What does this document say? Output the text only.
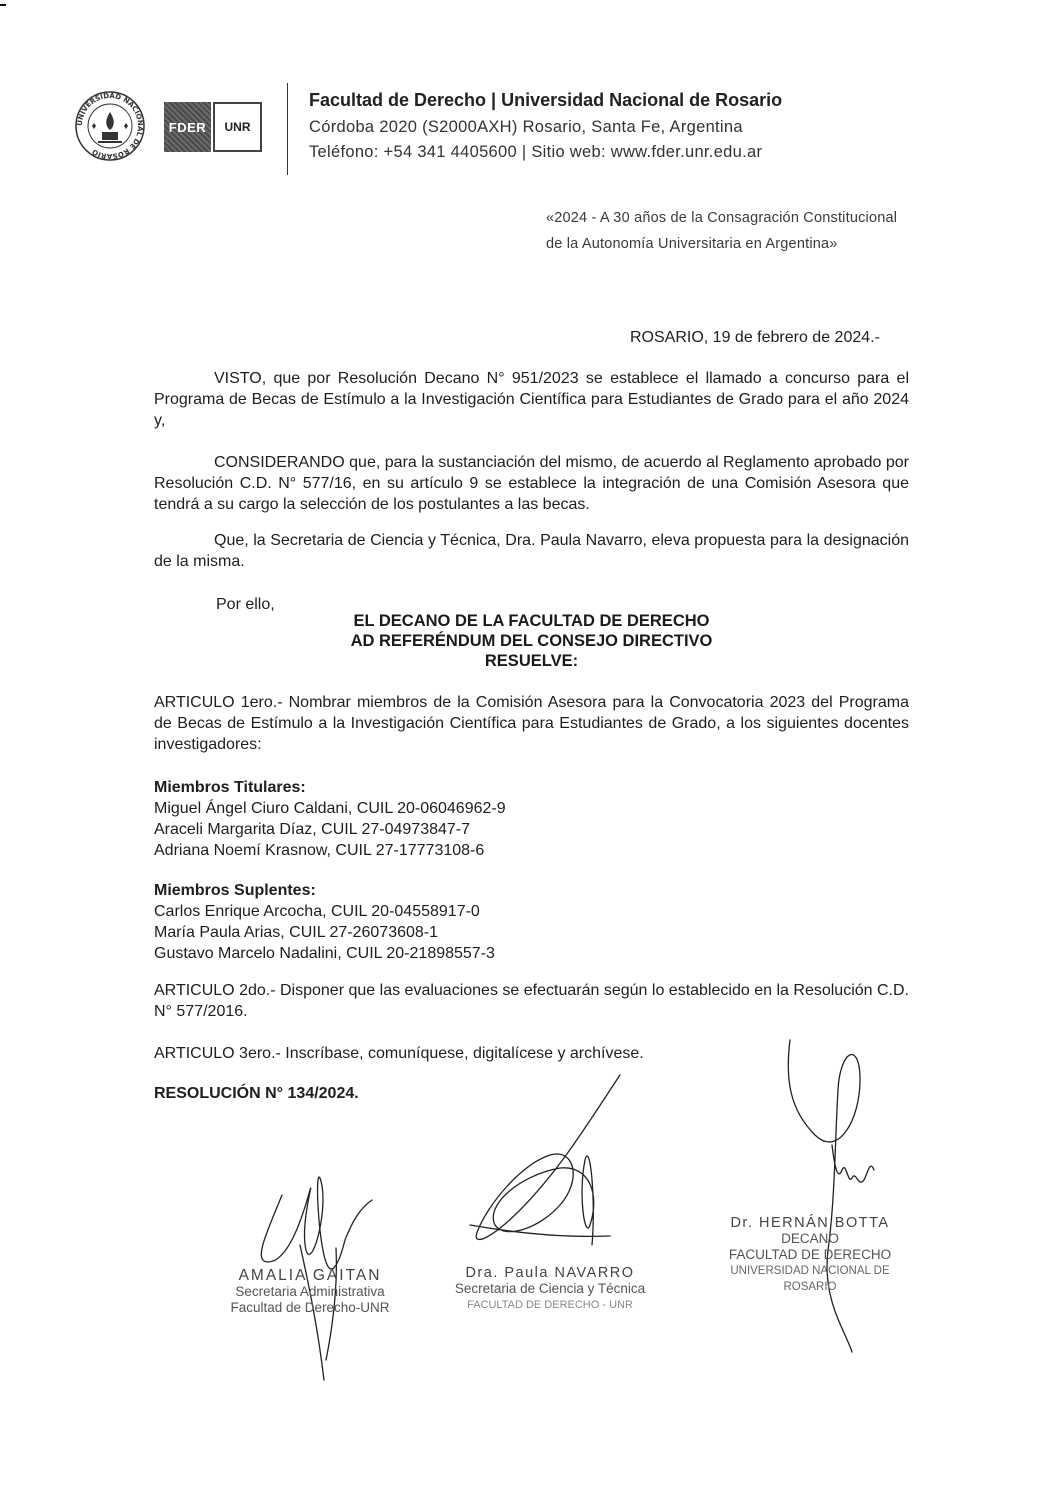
UNIVERSIDAD NACIONAL DE ROSARIO
FDER	UNR

Facultad de Derecho | Universidad Nacional de Rosario

Córdoba 2020 (S2000AXH) Rosario, Santa Fe, Argentina

Teléfono: +54 341 4405600 | Sitio web: www.fder.unr.edu.ar

«2024 - A 30 años de la Consagración Constitucional
de la Autonomía Universitaria en Argentina»
ROSARIO, 19 de febrero de 2024.-
VISTO, que por Resolución Decano N° 951/2023 se establece el llamado a concurso para el Programa de Becas de Estímulo a la Investigación Científica para Estudiantes de Grado para el año 2024 y,
CONSIDERANDO que, para la sustanciación del mismo, de acuerdo al Reglamento aprobado por Resolución C.D. N° 577/16, en su artículo 9 se establece la integración de una Comisión Asesora que tendrá a su cargo la selección de los postulantes a las becas.
Que, la Secretaria de Ciencia y Técnica, Dra. Paula Navarro, eleva propuesta para la designación de la misma.
Por ello,
EL DECANO DE LA FACULTAD DE DERECHO
AD REFERÉNDUM DEL CONSEJO DIRECTIVO
RESUELVE:
ARTICULO 1ero.- Nombrar miembros de la Comisión Asesora para la Convocatoria 2023 del Programa de Becas de Estímulo a la Investigación Científica para Estudiantes de Grado, a los siguientes docentes investigadores:
Miembros Titulares:
Miguel Ángel Ciuro Caldani, CUIL 20-06046962-9
Araceli Margarita Díaz, CUIL 27-04973847-7
Adriana Noemí Krasnow, CUIL 27-17773108-6
Miembros Suplentes:
Carlos Enrique Arcocha, CUIL 20-04558917-0
María Paula Arias, CUIL 27-26073608-1
Gustavo Marcelo Nadalini, CUIL 20-21898557-3
ARTICULO 2do.- Disponer que las evaluaciones se efectuarán según lo establecido en la Resolución C.D. N° 577/2016.
ARTICULO 3ero.- Inscríbase, comuníquese, digitalícese y archívese.
RESOLUCIÓN N° 134/2024.
AMALIA GAITAN
Secretaria Administrativa
Facultad de Derecho-UNR
Dra. Paula NAVARRO
Secretaria de Ciencia y Técnica
FACULTAD DE DERECHO - UNR
Dr. HERNÁN BOTTA
DECANO
FACULTAD DE DERECHO
UNIVERSIDAD NACIONAL DE ROSARIO
